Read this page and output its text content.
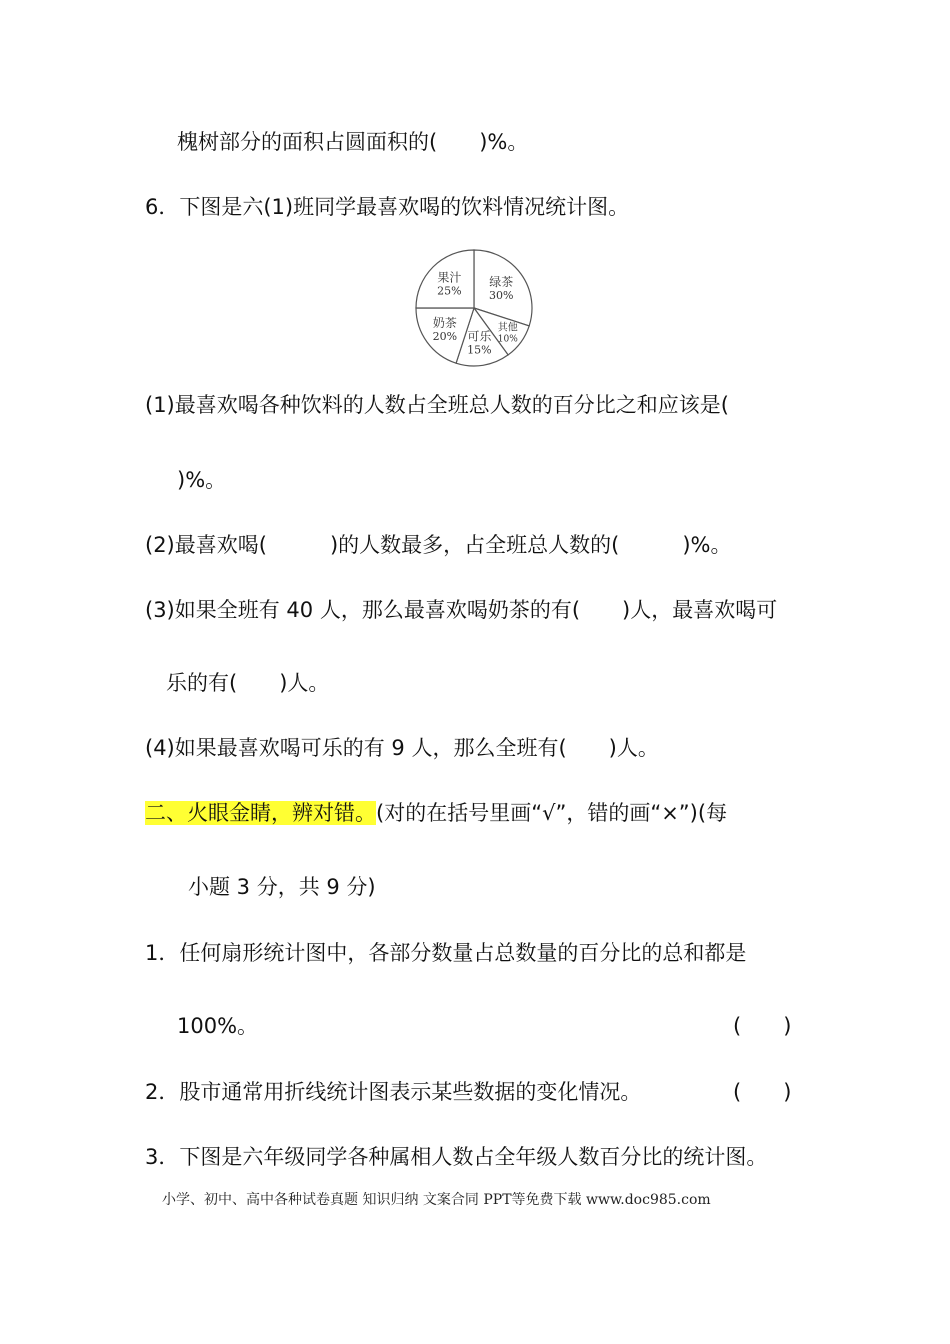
槐树部分的面积占圆面积的(　　)%。
6．下图是六(1)班同学最喜欢喝的饮料情况统计图。
绿茶
30%
其他
10%
可乐
15%
奶茶
20%
果汁
25%
(1)最喜欢喝各种饮料的人数占全班总人数的百分比之和应该是(
)%。
(2)最喜欢喝(　　　)的人数最多，占全班总人数的(　　　)%。
(3)如果全班有 40 人，那么最喜欢喝奶茶的有(　　)人，最喜欢喝可
乐的有(　　)人。
(4)如果最喜欢喝可乐的有 9 人，那么全班有(　　)人。
二、火眼金睛，辨对错。(对的在括号里画“√”，错的画“×”)(每
小题 3 分，共 9 分)
1．任何扇形统计图中，各部分数量占总数量的百分比的总和都是
100%。	(　　)
2．股市通常用折线统计图表示某些数据的变化情况。	(　　)
3．下图是六年级同学各种属相人数占全年级人数百分比的统计图。
小学、初中、高中各种试卷真题 知识归纳 文案合同 PPT等免费下载 www.doc985.com
